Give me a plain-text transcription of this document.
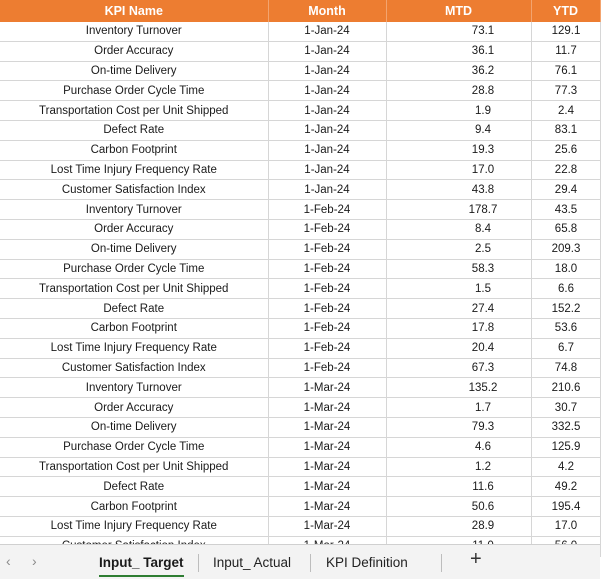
KPI Name	Month	MTD	YTD
Inventory Turnover	1-Jan-24	73.1	129.1
Order Accuracy	1-Jan-24	36.1	11.7
On-time Delivery	1-Jan-24	36.2	76.1
Purchase Order Cycle Time	1-Jan-24	28.8	77.3
Transportation Cost per Unit Shipped	1-Jan-24	1.9	2.4
Defect Rate	1-Jan-24	9.4	83.1
Carbon Footprint	1-Jan-24	19.3	25.6
Lost Time Injury Frequency Rate	1-Jan-24	17.0	22.8
Customer Satisfaction Index	1-Jan-24	43.8	29.4
Inventory Turnover	1-Feb-24	178.7	43.5
Order Accuracy	1-Feb-24	8.4	65.8
On-time Delivery	1-Feb-24	2.5	209.3
Purchase Order Cycle Time	1-Feb-24	58.3	18.0
Transportation Cost per Unit Shipped	1-Feb-24	1.5	6.6
Defect Rate	1-Feb-24	27.4	152.2
Carbon Footprint	1-Feb-24	17.8	53.6
Lost Time Injury Frequency Rate	1-Feb-24	20.4	6.7
Customer Satisfaction Index	1-Feb-24	67.3	74.8
Inventory Turnover	1-Mar-24	135.2	210.6
Order Accuracy	1-Mar-24	1.7	30.7
On-time Delivery	1-Mar-24	79.3	332.5
Purchase Order Cycle Time	1-Mar-24	4.6	125.9
Transportation Cost per Unit Shipped	1-Mar-24	1.2	4.2
Defect Rate	1-Mar-24	11.6	49.2
Carbon Footprint	1-Mar-24	50.6	195.4
Lost Time Injury Frequency Rate	1-Mar-24	28.9	17.0

‹ ›	Input_ Target Input_ Actual	KPI Definition	+
